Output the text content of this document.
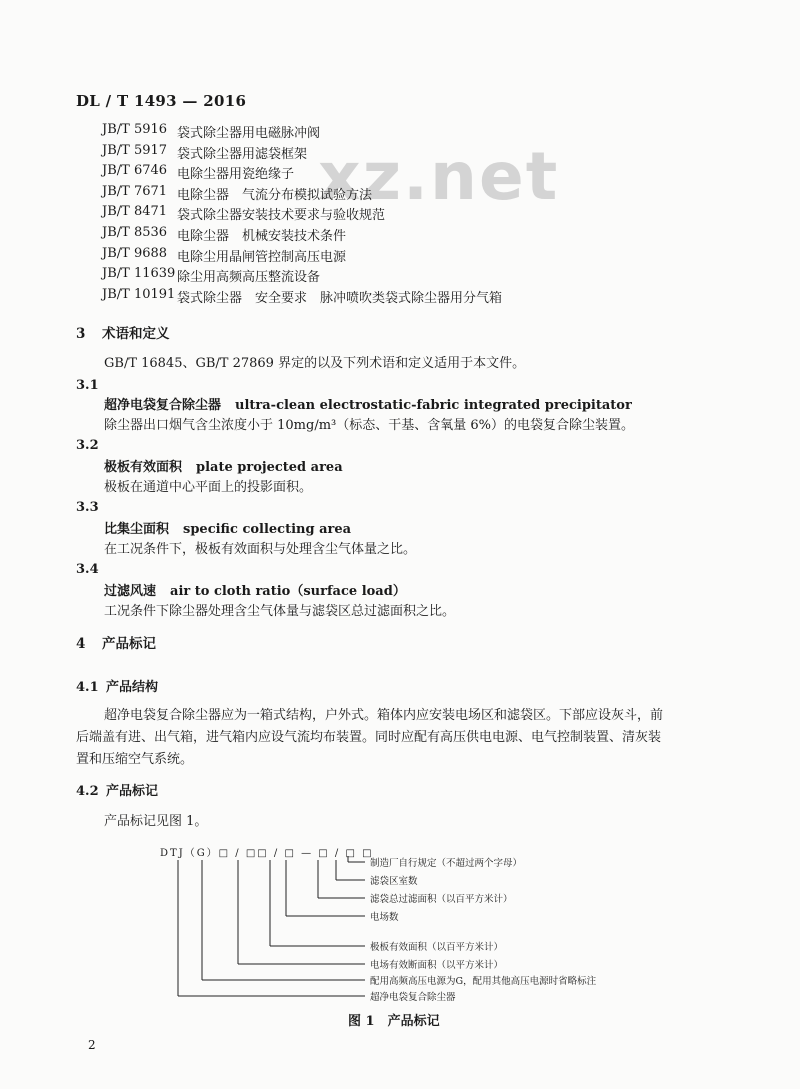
DL / T 1493 — 2016
xz.net
JB/T 5916 袋式除尘器用电磁脉冲阀
JB/T 5917 袋式除尘器用滤袋框架
JB/T 6746 电除尘器用瓷绝缘子
JB/T 7671 电除尘器　气流分布模拟试验方法
JB/T 8471 袋式除尘器安装技术要求与验收规范
JB/T 8536 电除尘器　机械安装技术条件
JB/T 9688 电除尘用晶闸管控制高压电源
JB/T 11639 除尘用高频高压整流设备
JB/T 10191 袋式除尘器　安全要求　脉冲喷吹类袋式除尘器用分气箱
3 术语和定义
GB/T 16845、GB/T 27869 界定的以及下列术语和定义适用于本文件。
3.1
超净电袋复合除尘器 ultra-clean electrostatic-fabric integrated precipitator
除尘器出口烟气含尘浓度小于 10mg/m³（标态、干基、含氧量 6%）的电袋复合除尘装置。
3.2
极板有效面积 plate projected area
极板在通道中心平面上的投影面积。
3.3
比集尘面积 specific collecting area
在工况条件下，极板有效面积与处理含尘气体量之比。
3.4
过滤风速 air to cloth ratio（surface load）
工况条件下除尘器处理含尘气体量与滤袋区总过滤面积之比。
4 产品标记
4.1 产品结构
超净电袋复合除尘器应为一箱式结构，户外式。箱体内应安装电场区和滤袋区。下部应设灰斗，前
后端盖有进、出气箱，进气箱内应设气流均布装置。同时应配有高压供电电源、电气控制装置、清灰装
置和压缩空气系统。
4.2 产品标记
产品标记见图 1。
DTJ（G）□ / □□ / □ — □ / □ □
制造厂自行规定（不超过两个字母）
滤袋区室数
滤袋总过滤面积（以百平方米计）
电场数
极板有效面积（以百平方米计）
电场有效断面积（以平方米计）
配用高频高压电源为G，配用其他高压电源时省略标注
超净电袋复合除尘器
图 1　产品标记
2
